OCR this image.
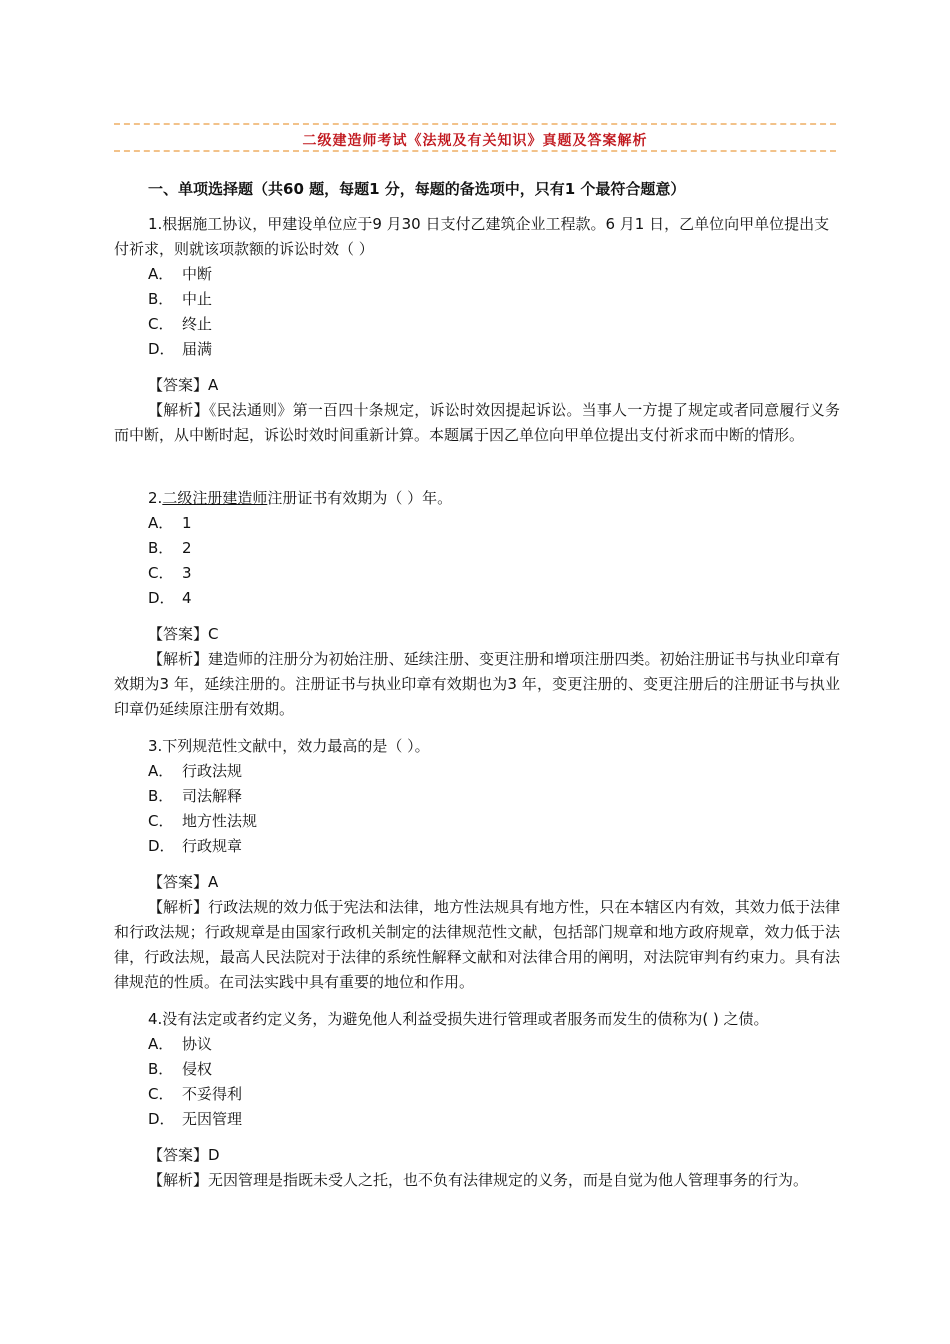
二级建造师考试《法规及有关知识》真题及答案解析
一、单项选择题（共60 题，每题1 分，每题的备选项中，只有1 个最符合题意）

1.根据施工协议，甲建设单位应于9 月30 日支付乙建筑企业工程款。6 月1 日，乙单位向甲单位提出支付祈求，则就该项款额的诉讼时效（ ）

A． 中断

B． 中止

C． 终止

D． 届满

【答案】A

【解析】《民法通则》第一百四十条规定，诉讼时效因提起诉讼。当事人一方提了规定或者同意履行义务而中断，从中断时起，诉讼时效时间重新计算。本题属于因乙单位向甲单位提出支付祈求而中断的情形。

2.二级注册建造师注册证书有效期为（ ）年。

A． 1

B． 2

C． 3

D． 4

【答案】C

【解析】建造师的注册分为初始注册、延续注册、变更注册和增项注册四类。初始注册证书与执业印章有效期为3 年，延续注册的。注册证书与执业印章有效期也为3 年，变更注册的、变更注册后的注册证书与执业印章仍延续原注册有效期。

3.下列规范性文献中，效力最高的是（ ）。

A． 行政法规

B． 司法解释

C． 地方性法规

D． 行政规章

【答案】A

【解析】行政法规的效力低于宪法和法律，地方性法规具有地方性，只在本辖区内有效，其效力低于法律和行政法规；行政规章是由国家行政机关制定的法律规范性文献，包括部门规章和地方政府规章，效力低于法律，行政法规，最高人民法院对于法律的系统性解释文献和对法律合用的阐明，对法院审判有约束力。具有法律规范的性质。在司法实践中具有重要的地位和作用。

4.没有法定或者约定义务，为避免他人利益受损失进行管理或者服务而发生的债称为( ) 之债。

A． 协议

B． 侵权

C． 不妥得利

D． 无因管理

【答案】D

【解析】无因管理是指既未受人之托，也不负有法律规定的义务，而是自觉为他人管理事务的行为。
